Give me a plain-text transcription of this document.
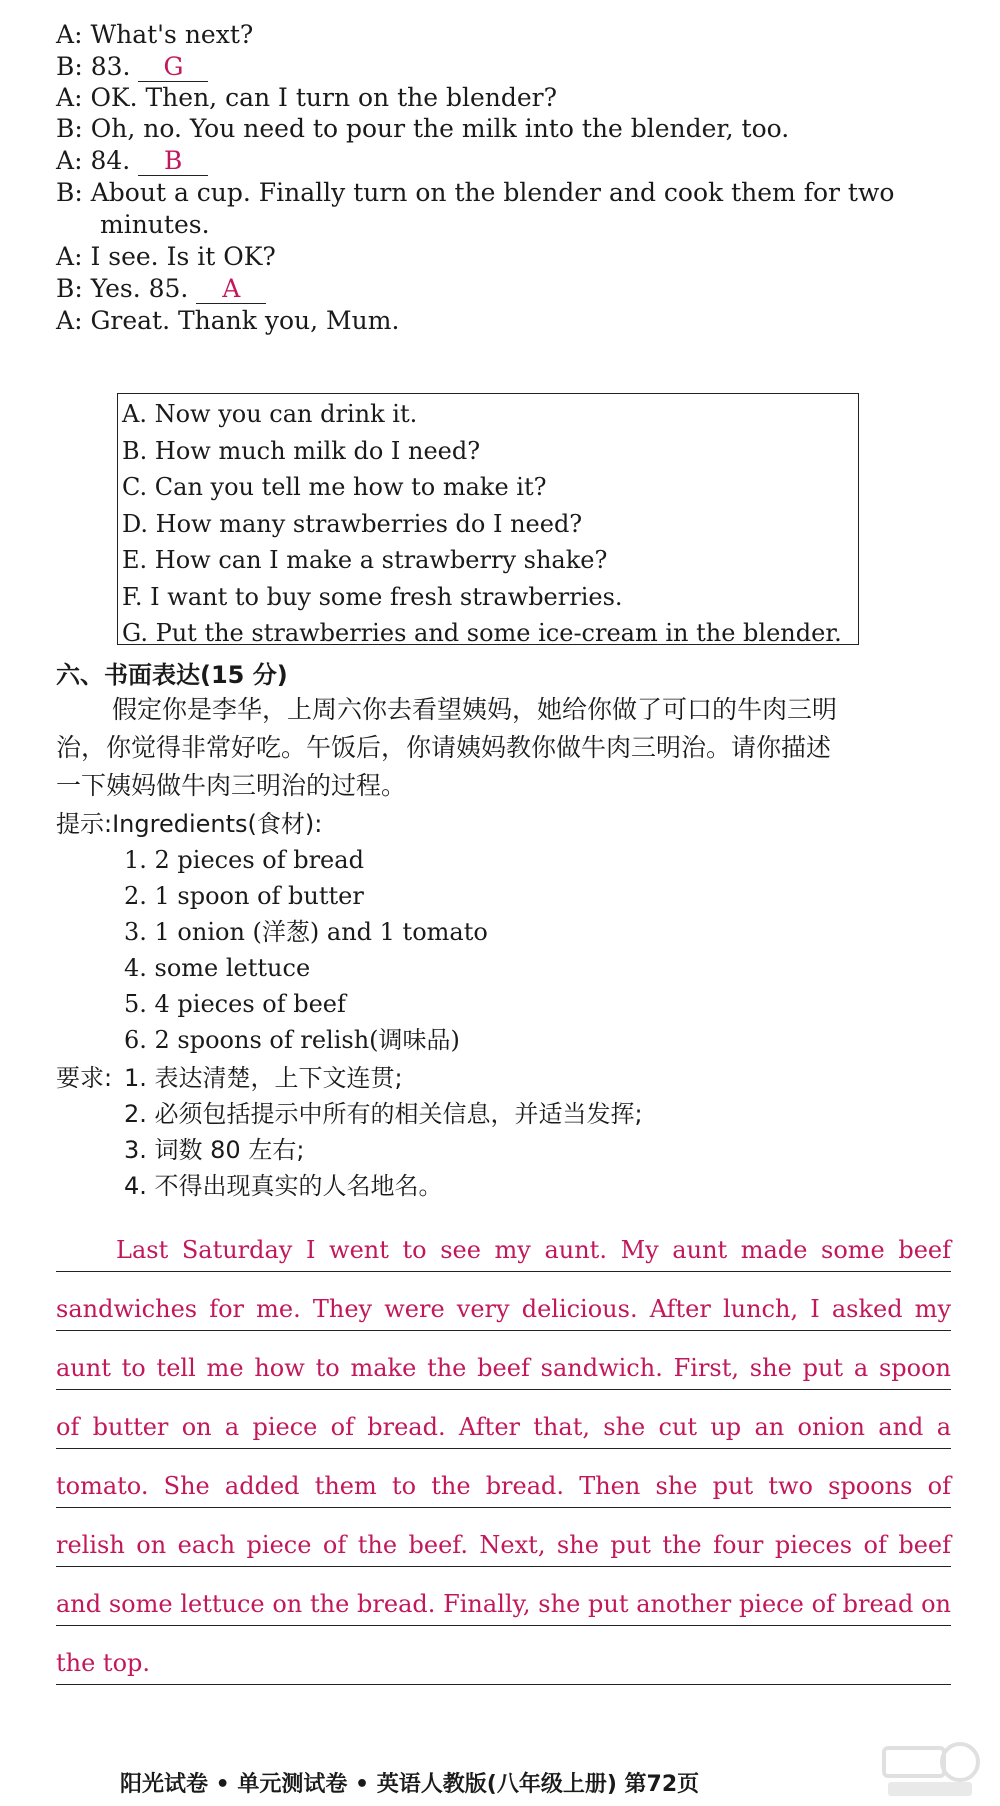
A: What's next?
B: 83. G
A: OK. Then, can I turn on the blender?
B: Oh, no. You need to pour the milk into the blender, too.
A: 84. B
B: About a cup. Finally turn on the blender and cook them for two
minutes.
A: I see. Is it OK?
B: Yes. 85. A
A: Great. Thank you, Mum.
A. Now you can drink it.
B. How much milk do I need?
C. Can you tell me how to make it?
D. How many strawberries do I need?
E. How can I make a strawberry shake?
F. I want to buy some fresh strawberries.
G. Put the strawberries and some ice-cream in the blender.
六、书面表达(15 分)
假定你是李华，上周六你去看望姨妈，她给你做了可口的牛肉三明
治，你觉得非常好吃。午饭后，你请姨妈教你做牛肉三明治。请你描述
一下姨妈做牛肉三明治的过程。
提示:Ingredients(食材):
1. 2 pieces of bread
2. 1 spoon of butter
3. 1 onion (洋葱) and 1 tomato
4. some lettuce
5. 4 pieces of beef
6. 2 spoons of relish(调味品)
要求: 1. 表达清楚，上下文连贯;
2. 必须包括提示中所有的相关信息，并适当发挥;
3. 词数 80 左右;
4. 不得出现真实的人名地名。
Last Saturday I went to see my aunt. My aunt made some beef
sandwiches for me. They were very delicious. After lunch, I asked my
aunt to tell me how to make the beef sandwich. First, she put a spoon
of butter on a piece of bread. After that, she cut up an onion and a
tomato. She added them to the bread. Then she put two spoons of
relish on each piece of the beef. Next, she put the four pieces of beef
and some lettuce on the bread. Finally, she put another piece of bread on
the top.
阳光试卷 • 单元测试卷 • 英语人教版(八年级上册) 第72页
